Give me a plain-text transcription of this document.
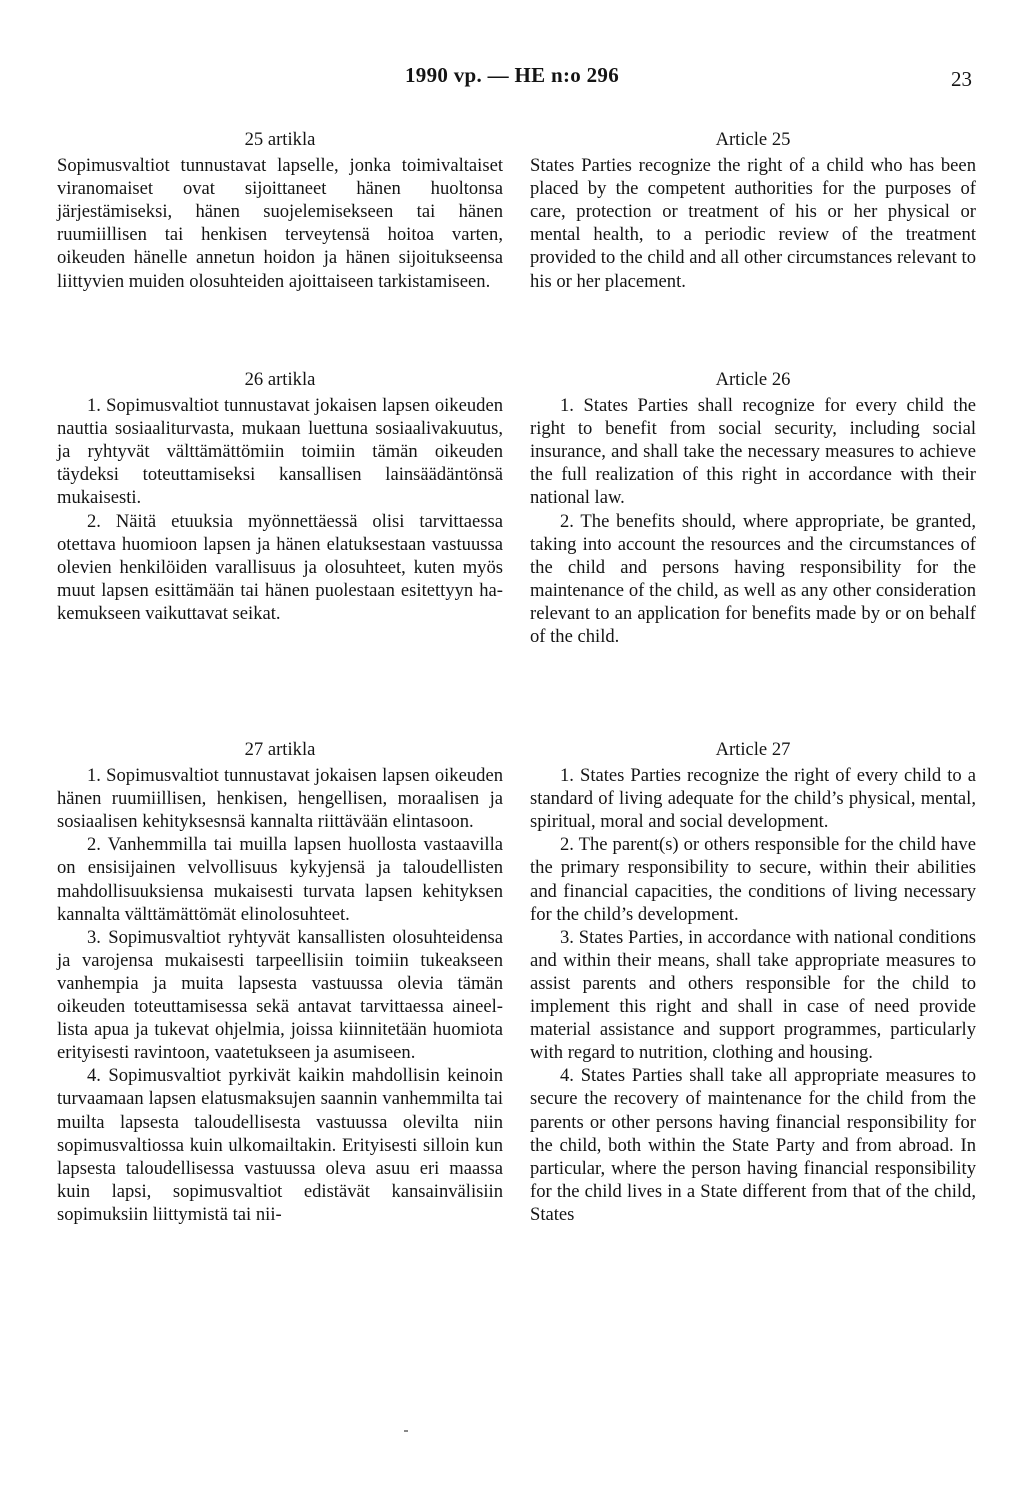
1990 vp. — HE n:o 296	23
25 artikla

Sopimusvaltiot tunnustavat lapselle, jonka toimivaltaiset viranomaiset ovat sijoittaneet hänen huoltonsa järjestämiseksi, hänen suojelemisekseen tai hänen ruumiillisen tai henkisen terveytensä hoitoa varten, oikeuden hänelle annetun hoidon ja hänen sijoitukseensa liittyvien muiden olosuhteiden ajoittaiseen tarkistamiseen.

26 artikla

1. Sopimusvaltiot tunnustavat jokaisen lapsen oikeuden nauttia sosiaaliturvasta, mukaan luettuna sosiaalivakuutus, ja ryhtyvät välttämättömiin toimiin tämän oikeuden täydeksi toteuttamiseksi kansallisen lainsäädäntönsä mukaisesti.

2. Näitä etuuksia myönnettäessä olisi tarvittaessa otettava huomioon lapsen ja hänen elatuksestaan vastuussa olevien henkilöiden varallisuus ja olosuhteet, kuten myös muut lapsen esittämään tai hänen puolestaan esitettyyn hakemukseen vaikuttavat seikat.

27 artikla

1. Sopimusvaltiot tunnustavat jokaisen lapsen oikeuden hänen ruumiillisen, henkisen, hengellisen, moraalisen ja sosiaalisen kehityksesnsä kannalta riittävään elintasoon.

2. Vanhemmilla tai muilla lapsen huollosta vastaavilla on ensisijainen velvollisuus kykyjensä ja taloudellisten mahdollisuuksiensa mukaisesti turvata lapsen kehityksen kannalta välttämättömät elinolosuhteet.

3. Sopimusvaltiot ryhtyvät kansallisten olosuhteidensa ja varojensa mukaisesti tarpeellisiin toimiin tukeakseen vanhempia ja muita lapsesta vastuussa olevia tämän oikeuden toteuttamisessa sekä antavat tarvittaessa aineellista apua ja tukevat ohjelmia, joissa kiinnitetään huomiota erityisesti ravintoon, vaatetukseen ja asumiseen.

4. Sopimusvaltiot pyrkivät kaikin mahdollisin keinoin turvaamaan lapsen elatusmaksujen saannin vanhemmilta tai muilta lapsesta taloudellisesta vastuussa olevilta niin sopimusvaltiossa kuin ulkomailtakin. Erityisesti silloin kun lapsesta taloudellisessa vastuussa oleva asuu eri maassa kuin lapsi, sopimusvaltiot edistävät kansainvälisiin sopimuksiin liittymistä tai nii-

Article 25

States Parties recognize the right of a child who has been placed by the competent authorities for the purposes of care, protection or treatment of his or her physical or mental health, to a periodic review of the treatment provided to the child and all other circumstances relevant to his or her placement.

Article 26

1. States Parties shall recognize for every child the right to benefit from social security, including social insurance, and shall take the necessary measures to achieve the full realization of this right in accordance with their national law.

2. The benefits should, where appropriate, be granted, taking into account the resources and the circumstances of the child and persons having responsibility for the maintenance of the child, as well as any other consideration relevant to an application for benefits made by or on behalf of the child.

Article 27

1. States Parties recognize the right of every child to a standard of living adequate for the child’s physical, mental, spiritual, moral and social development.

2. The parent(s) or others responsible for the child have the primary responsibility to secure, within their abilities and financial capacities, the conditions of living necessary for the child’s development.

3. States Parties, in accordance with national conditions and within their means, shall take appropriate measures to assist parents and others responsible for the child to implement this right and shall in case of need provide material assistance and support programmes, particularly with regard to nutrition, clothing and housing.

4. States Parties shall take all appropriate measures to secure the recovery of maintenance for the child from the parents or other persons having financial responsibility for the child, both within the State Party and from abroad. In particular, where the person having financial responsibility for the child lives in a State different from that of the child, States
